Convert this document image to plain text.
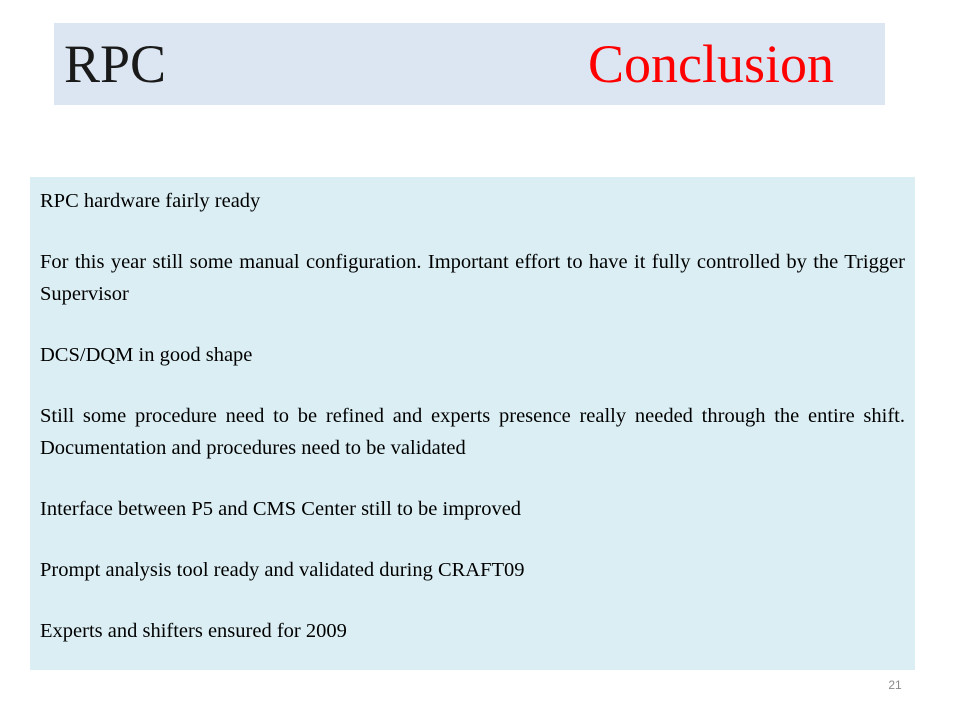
RPC	Conclusion

RPC hardware fairly ready

For this year still some manual configuration. Important effort to have it fully controlled by the Trigger Supervisor

DCS/DQM in good shape

Still some procedure need to be refined and experts presence really needed through the entire shift. Documentation and procedures need to be validated

Interface between P5 and CMS Center still to be improved

Prompt analysis tool ready and validated during CRAFT09

Experts and shifters ensured for 2009

21
